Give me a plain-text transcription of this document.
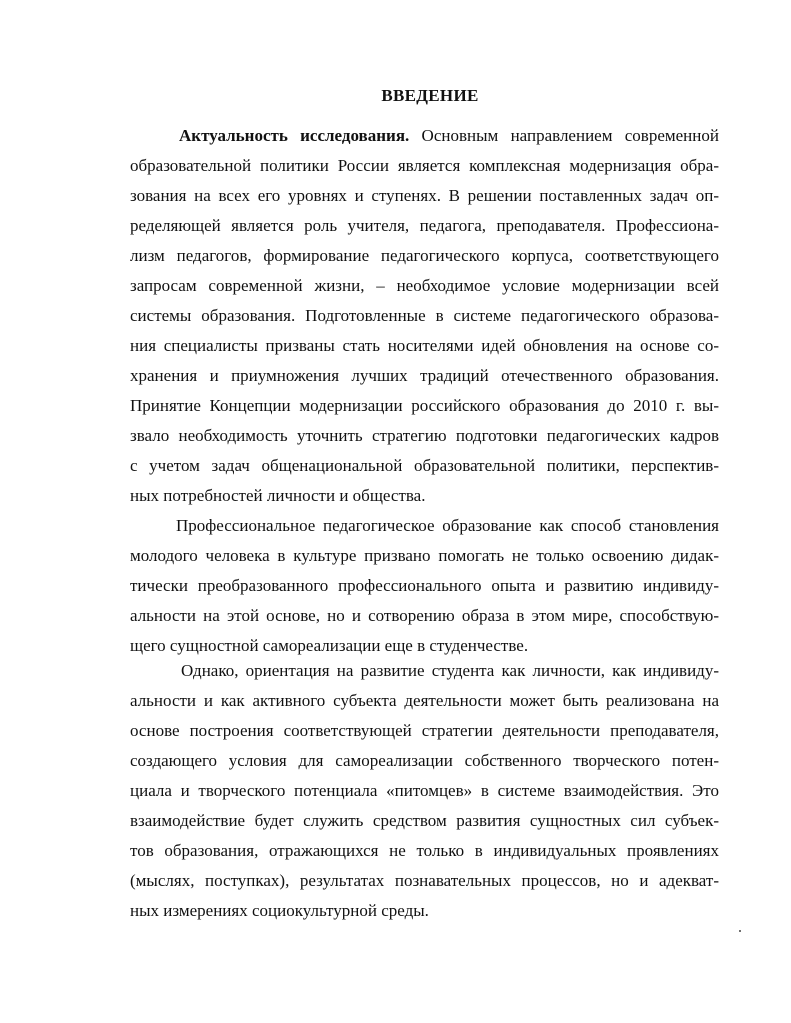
ВВЕДЕНИЕ
Актуальность исследования. Основным направлением современной
образовательной политики России является комплексная модернизация обра-
зования на всех его уровнях и ступенях. В решении поставленных задач оп-
ределяющей является роль учителя, педагога, преподавателя. Профессиона-
лизм педагогов, формирование педагогического корпуса, соответствующего
запросам современной жизни, – необходимое условие модернизации всей
системы образования. Подготовленные в системе педагогического образова-
ния специалисты призваны стать носителями идей обновления на основе со-
хранения и приумножения лучших традиций отечественного образования.
Принятие Концепции модернизации российского образования до 2010 г. вы-
звало необходимость уточнить стратегию подготовки педагогических кадров
с учетом задач общенациональной образовательной политики, перспектив-
ных потребностей личности и общества.
Профессиональное педагогическое образование как способ становления
молодого человека в культуре призвано помогать не только освоению дидак-
тически преобразованного профессионального опыта и развитию индивиду-
альности на этой основе, но и сотворению образа в этом мире, способствую-
щего сущностной самореализации еще в студенчестве.
Однако, ориентация на развитие студента как личности, как индивиду-
альности и как активного субъекта деятельности может быть реализована на
основе построения соответствующей стратегии деятельности преподавателя,
создающего условия для самореализации собственного творческого потен-
циала и творческого потенциала «питомцев» в системе взаимодействия. Это
взаимодействие будет служить средством развития сущностных сил субъек-
тов образования, отражающихся не только в индивидуальных проявлениях
(мыслях, поступках), результатах познавательных процессов, но и адекват-
ных измерениях социокультурной среды.
